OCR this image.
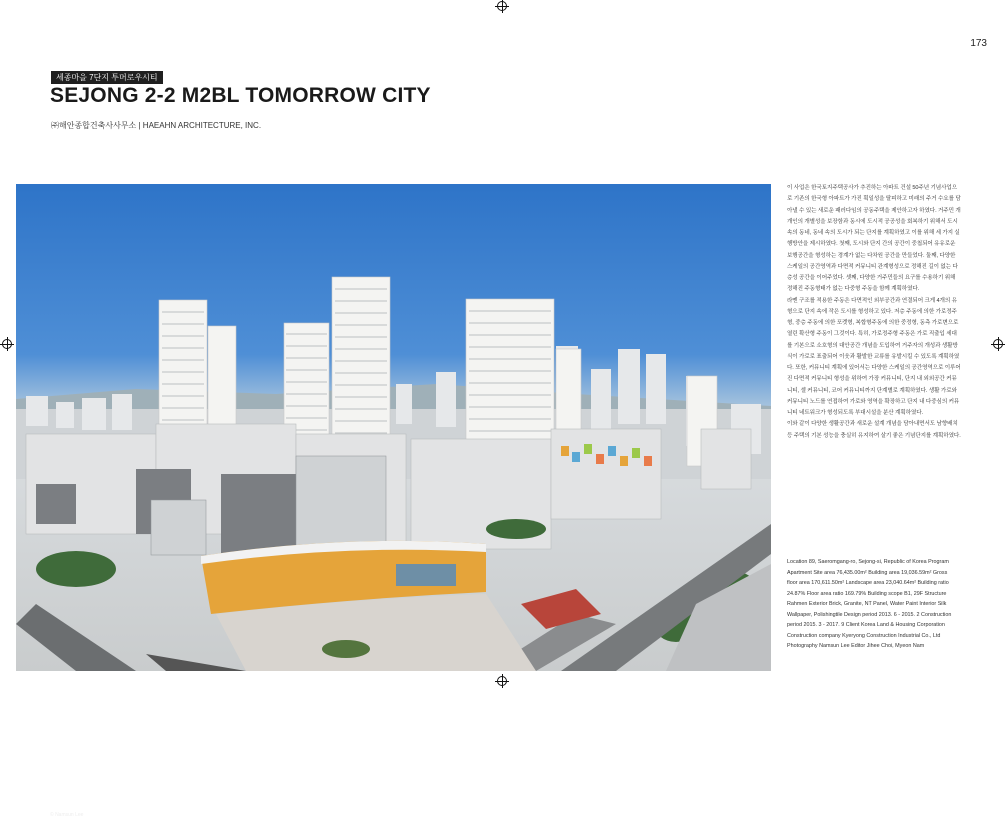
173
세종마을 7단지 투머로우시티
SEJONG 2-2 M2BL TOMORROW CITY
㈜해안종합건축사사무소 | HAEAHN ARCHITECTURE, INC.
© Namsun Lee

이 사업은 한국토지주택공사가 추진하는 아파트 건설 50주년 기념사업으로 기존의 한국형 아파트가 가진 획일성을 탈피하고 미래의 주거 수요를 담아낼 수 있는 새로운 패러다임의 공동주택을 제안하고자 하였다. 거주민 개개인의 개별성을 보장함과 동시에 도시적 공공성을 회복하기 위해서 도시 속의 동네, 동네 속의 도시가 되는 단지를 계획하였고 이를 위해 세 가지 실행방안을 제시하였다. 첫째, 도시와 단지 간의 공간이 중첩되어 유유로운 보행공간을 형성하는 경계가 없는 다차원 공간을 만들었다. 둘째, 다양한 스케일의 공간영역과 다면적 커뮤니티 관계형성으로 정해진 길이 없는 다층성 공간을 이어주었다. 셋째, 다양한 거주민들의 요구를 수용하기 위해 정해진 주동형태가 없는 다중형 주동을 함께 계획하였다.

라멘 구조를 적용한 주동은 다면적인 외부공간과 연결되어 크게 4개의 유형으로 단지 속에 작은 도시를 형성하고 있다. 저층 주동에 의한 가로정주형, 중층 주동에 의한 포켓형, 복합형주동에 의한 중정형, 동측 가로변으로 열린 확산형 주동이 그것이다. 특히, 가로정주형 주동은 가로 직출입 세대를 기본으로 소호형의 대안공간 개념을 도입하여 거주자의 개성과 생활방식이 가로로 표출되어 이웃과 활발한 교류를 유발시킬 수 있도록 계획하였다. 또한, 커뮤니티 계획에 있어서는 다양한 스케일의 공간영역으로 이루어진 다면적 커뮤니티 형성을 위하여 가장 커뮤니티, 단지 내 외외공간 커뮤니티, 셀 커뮤니티, 코어 커뮤니티까지 단계별로 계획하였다. 생활 가로와 커뮤니티 노드를 연접하여 가로와 영역을 확장하고 단지 내 다중심의 커뮤니티 네트워크가 형성되도록 부대시설을 분산 계획하였다.

이와 같이 다양한 생활공간과 새로운 설계 개념을 담아내면서도 남향배치 등 주택의 기본 성능을 충실히 유지하여 살기 좋은 기념단지를 계획하였다.

Location 89, Saeromgang-ro, Sejong-si, Republic of Korea Program Apartment Site area 76,435.00m² Building area 19,036.59m² Gross floor area 170,611.50m² Landscape area 23,040.64m² Building ratio 24.87% Floor area ratio 169.79% Building scope B1, 29F Structure Rahmen Exterior Brick, Granite, NT Panel, Water Paint Interior Silk Wallpaper, Polishingtile Design period 2013. 6 - 2015. 2 Construction period 2015. 3 - 2017. 9 Client Korea Land & Housing Corporation Construction company Kyeryong Construction Industrial Co., Ltd Photography Namsun Lee Editor Jihee Choi, Myeon Nam
